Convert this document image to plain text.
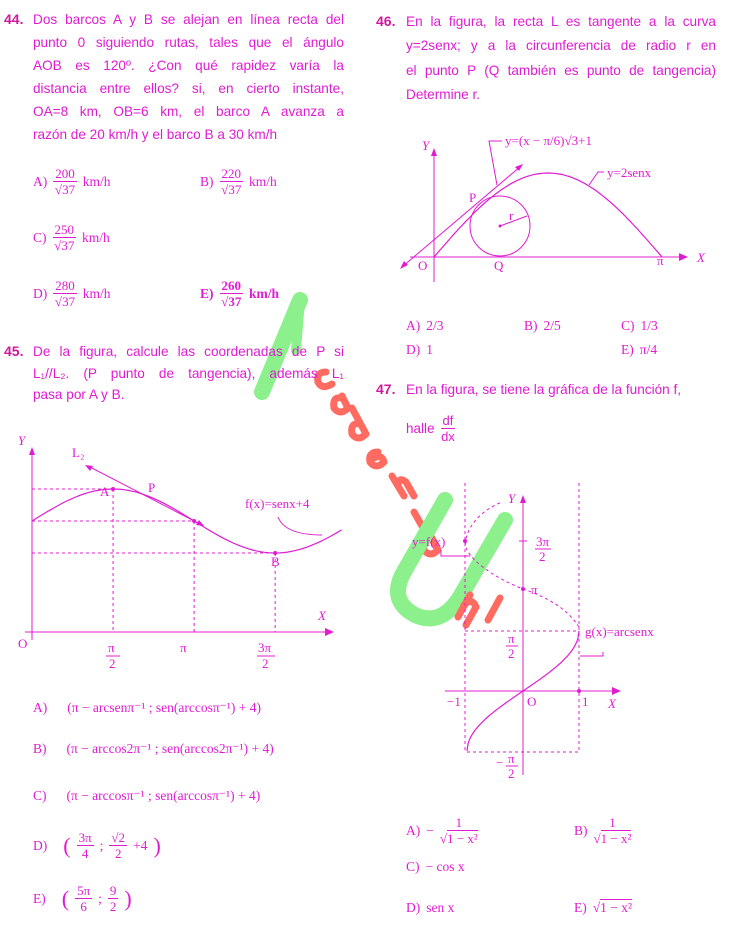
44. Dos barcos A y B se alejan en línea recta del
punto 0 siguiendo rutas, tales que el ángulo
AOB es 120º. ¿Con qué rapidez varía la
distancia entre ellos? si, en cierto instante,
OA=8 km, OB=6 km, el barco A avanza a
razón de 20 km/h y el barco B a 30 km/h
$A) \frac{200}{√37} km/h$	$B) \frac{220}{√37} km/h$
$C) \frac{250}{√37} km/h$
$D) \frac{280}{√37} km/h$	$E) \frac{260}{√37} km/h$
46. En la figura, la recta L es tangente a la curva
y=2senx; y a la circunferencia de radio r en
el punto P (Q también es punto de tangencia)
Determine r.
Y
X
O	Q
P
r
π
y=(x − π/6)√3+1
y=2senx
A) 2/3	B) 2/5	C) 1/3
D) 1	E) π/4
45. De la figura, calcule las coordenadas de P si
L₁//L₂. (P punto de tangencia), además L₁
pasa por A y B.
Y
X
O
L₂
A	P
B
f(x)=senx+4
π
2
π	3π
2
A) (π − arcsenπ⁻¹ ; sen(arccosπ⁻¹) + 4)
B) (π − arccos2π⁻¹ ; sen(arccos2π⁻¹) + 4)
C) (π − arccosπ⁻¹ ; sen(arccosπ⁻¹) + 4)
D) ( $\frac{3\pi}{4}$ ; $\frac{√2}{2} +4$ )
E) ( $\frac{5\pi}{6}$ ; $\frac{9}{2}$ )
47. En la figura, se tiene la gráfica de la función f,
halle $\frac{df}{dx}$
Y
X
O
−1	1
y=f(x)
g(x)=arcsenx
π
3π
2
π
2
− π
2
$A) - \frac{1}{\text{√1 − x²}}$	$B) \frac{1}{\text{√1 − x²}}$
C) − cos x
D) sen x	E) √1 − x²
